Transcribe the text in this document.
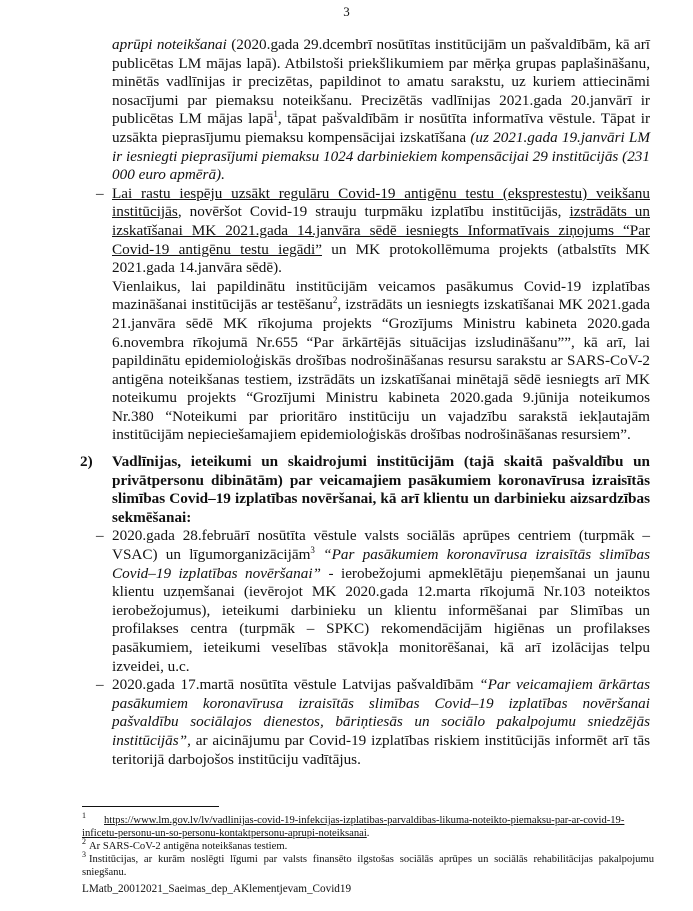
3

aprūpi noteikšanai (2020.gada 29.dcembrī nosūtītas institūcijām un pašvaldībām, kā arī publicētas LM mājas lapā). Atbilstoši priekšlikumiem par mērķa grupas paplašināšanu, minētās vadlīnijas ir precizētas, papildinot to amatu sarakstu, uz kuriem attiecināmi nosacījumi par piemaksu noteikšanu. Precizētās vadlīnijas 2021.gada 20.janvārī ir publicētas LM mājas lapā$^1$, tāpat pašvaldībām ir nosūtīta informatīva vēstule. Tāpat ir uzsākta pieprasījumu piemaksu kompensācijai izskatīšana (uz 2021.gada 19.janvāri LM ir iesniegti pieprasījumi piemaksu 1024 darbiniekiem kompensācijai 29 institūcijās (231 000 euro apmērā).

– Lai rastu iespēju uzsākt regulāru Covid-19 antigēnu testu (eksprestestu) veikšanu institūcijās, novēršot Covid-19 strauju turpmāku izplatību institūcijās, izstrādāts un izskatīšanai MK 2021.gada 14.janvāra sēdē iesniegts Informatīvais ziņojums “Par Covid-19 antigēnu testu iegādi” un MK protokollēmuma projekts (atbalstīts MK 2021.gada 14.janvāra sēdē).

Vienlaikus, lai papildinātu institūcijām veicamos pasākumus Covid-19 izplatības mazināšanai institūcijās ar testēšanu$^2$, izstrādāts un iesniegts izskatīšanai MK 2021.gada 21.janvāra sēdē MK rīkojuma projekts “Grozījums Ministru kabineta 2020.gada 6.novembra rīkojumā Nr.655 “Par ārkārtējās situācijas izsludināšanu””, kā arī, lai papildinātu epidemioloģiskās drošības nodrošināšanas resursu sarakstu ar SARS-CoV-2 antigēna noteikšanas testiem, izstrādāts un izskatīšanai minētajā sēdē iesniegts arī MK noteikumu projekts “Grozījumi Ministru kabineta 2020.gada 9.jūnija noteikumos Nr.380 “Noteikumi par prioritāro institūciju un vajadzību sarakstā iekļautajām institūcijām nepieciešamajiem epidemioloģiskās drošības nodrošināšanas resursiem”.

2) Vadlīnijas, ieteikumi un skaidrojumi institūcijām (tajā skaitā pašvaldību un privātpersonu dibinātām) par veicamajiem pasākumiem koronavīrusa izraisītās slimības Covid–19 izplatības novēršanai, kā arī klientu un darbinieku aizsardzības sekmēšanai:

– 2020.gada 28.februārī nosūtīta vēstule valsts sociālās aprūpes centriem (turpmāk – VSAC) un līgumorganizācijām$^3$ “Par pasākumiem koronavīrusa izraisītās slimības Covid–19 izplatības novēršanai” - ierobežojumi apmeklētāju pieņemšanai un jaunu klientu uzņemšanai (ievērojot MK 2020.gada 12.marta rīkojumā Nr.103 noteiktos ierobežojumus), ieteikumi darbinieku un klientu informēšanai par Slimības un profilakses centra (turpmāk – SPKC) rekomendācijām higiēnas un profilakses pasākumiem, ieteikumi veselības stāvokļa monitorēšanai, kā arī izolācijas telpu izveidei, u.c.

– 2020.gada 17.martā nosūtīta vēstule Latvijas pašvaldībām “Par veicamajiem ārkārtas pasākumiem koronavīrusa izraisītās slimības Covid–19 izplatības novēršanai pašvaldību sociālajos dienestos, bāriņtiesās un sociālo pakalpojumu sniedzējās institūcijās”, ar aicinājumu par Covid-19 izplatības riskiem institūcijās informēt arī tās teritorijā darbojošos institūciju vadītājus.

$^1$ https://www.lm.gov.lv/lv/vadlinijas-covid-19-infekcijas-izplatibas-parvaldibas-likuma-noteikto-piemaksu-par-ar-covid-19-inficetu-personu-un-so-personu-kontaktpersonu-aprupi-noteiksanai.

$^2$ Ar SARS-CoV-2 antigēna noteikšanas testiem.

$^3$ Institūcijas, ar kurām noslēgti līgumi par valsts finansēto ilgstošas sociālās aprūpes un sociālās rehabilitācijas pakalpojumu sniegšanu.

LMatb_20012021_Saeimas_dep_AKlementjevam_Covid19
